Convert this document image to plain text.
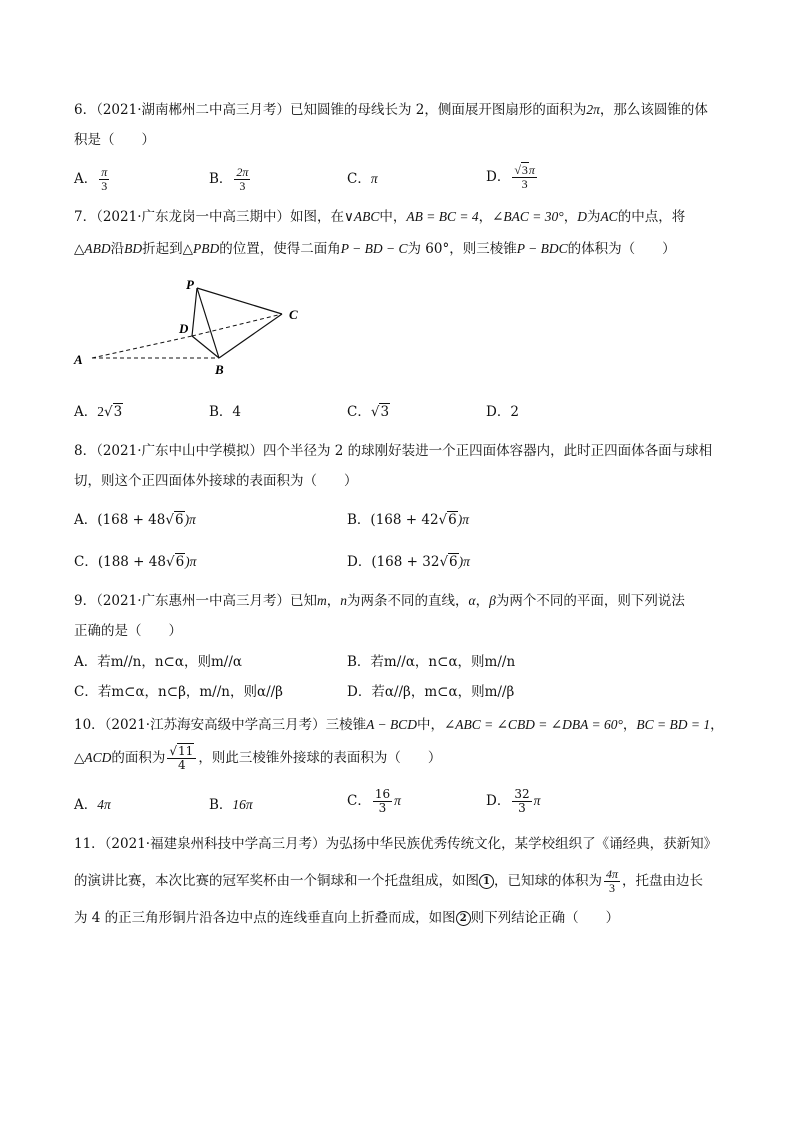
6．（2021·湖南郴州二中高三月考）已知圆锥的母线长为 2，侧面展开图扇形的面积为2π，那么该圆锥的体
积是（　　）
A． $\frac{\pi}{3}$	B． $\frac{2\pi}{3}$	C．π	D． $\frac{√3\pi}{3}$
7．（2021·广东龙岗一中高三期中）如图，在∨ABC中，AB = BC = 4，∠BAC = 30°，D为AC的中点，将
△ABD沿BD折起到△PBD的位置，使得二面角P − BD − C为 60°，则三棱锥P − BDC的体积为（　　）
P
D
C
A
B
A．2√3	B．4	C．√3	D．2
8．（2021·广东中山中学模拟）四个半径为 2 的球刚好装进一个正四面体容器内，此时正四面体各面与球相
切，则这个正四面体外接球的表面积为（　　）
A．(168 + 48√6)π	B．(168 + 42√6)π
C．(188 + 48√6)π	D．(168 + 32√6)π
9．（2021·广东惠州一中高三月考）已知m，n为两条不同的直线，α，β为两个不同的平面，则下列说法
正确的是（　　）
A．若m//n，n⊂α，则m//α	B．若m//α，n⊂α，则m//n
C．若m⊂α，n⊂β，m//n，则α//β	D．若α//β，m⊂α，则m//β
10．（2021·江苏海安高级中学高三月考）三棱锥A − BCD中，∠ABC = ∠CBD = ∠DBA = 60°，BC = BD = 1，
△ACD的面积为 $\frac{√11}{4}$ ，则此三棱锥外接球的表面积为（　　）
A．4π	B．16π	C． $\frac{16}{3}$ π	D． $\frac{32}{3}$ π
11．（2021·福建泉州科技中学高三月考）为弘扬中华民族优秀传统文化，某学校组织了《诵经典，获新知》
的演讲比赛，本次比赛的冠军奖杯由一个铜球和一个托盘组成，如图 1 ，已知球的体积为 $\frac{4\pi}{3}$ ，托盘由边长
为 4 的正三角形铜片沿各边中点的连线垂直向上折叠而成，如图 2 则下列结论正确（　　）
